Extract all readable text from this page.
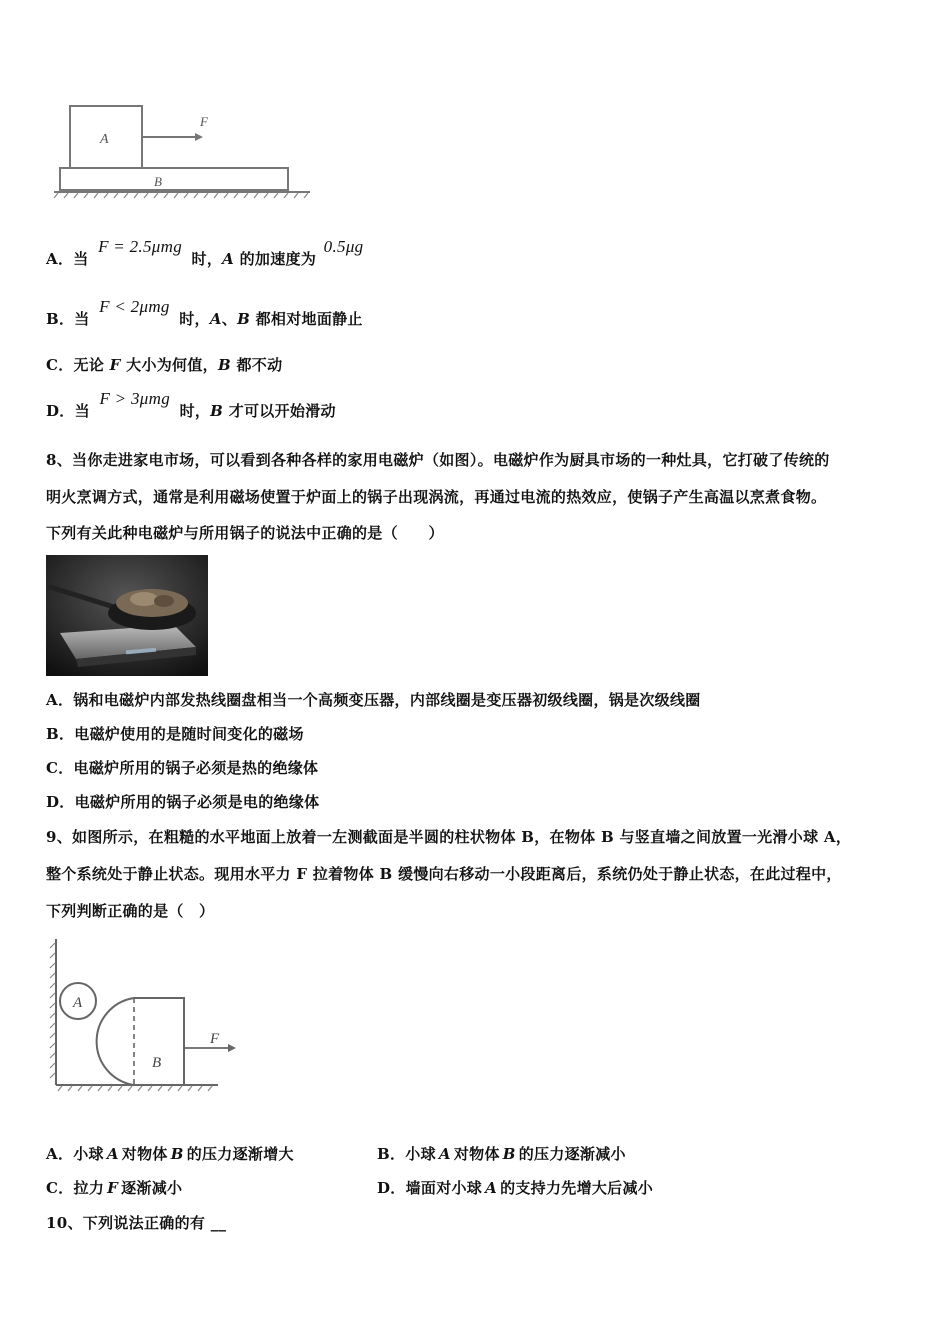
A
F
B
A．当 F = 2.5μmg 时，A 的加速度为 0.5μg
B．当 F < 2μmg 时，A、B 都相对地面静止
C．无论 F 大小为何值，B 都不动
D．当 F > 3μmg 时，B 才可以开始滑动
8、当你走进家电市场，可以看到各种各样的家用电磁炉（如图）。电磁炉作为厨具市场的一种灶具，它打破了传统的
明火烹调方式，通常是利用磁场使置于炉面上的锅子出现涡流，再通过电流的热效应，使锅子产生高温以烹煮食物。
下列有关此种电磁炉与所用锅子的说法中正确的是（　　）
A．锅和电磁炉内部发热线圈盘相当一个高频变压器，内部线圈是变压器初级线圈，锅是次级线圈
B．电磁炉使用的是随时间变化的磁场
C．电磁炉所用的锅子必须是热的绝缘体
D．电磁炉所用的锅子必须是电的绝缘体
9、如图所示，在粗糙的水平地面上放着一左测截面是半圆的柱状物体 B，在物体 B 与竖直墙之间放置一光滑小球 A，
整个系统处于静止状态。现用水平力 F 拉着物体 B 缓慢向右移动一小段距离后，系统仍处于静止状态，在此过程中，
下列判断正确的是（　）
A
B
F
A．小球 A 对物体 B 的压力逐渐增大	B．小球 A 对物体 B 的压力逐渐减小
C．拉力 F 逐渐减小	D．墙面对小球 A 的支持力先增大后减小
10、下列说法正确的有 __
